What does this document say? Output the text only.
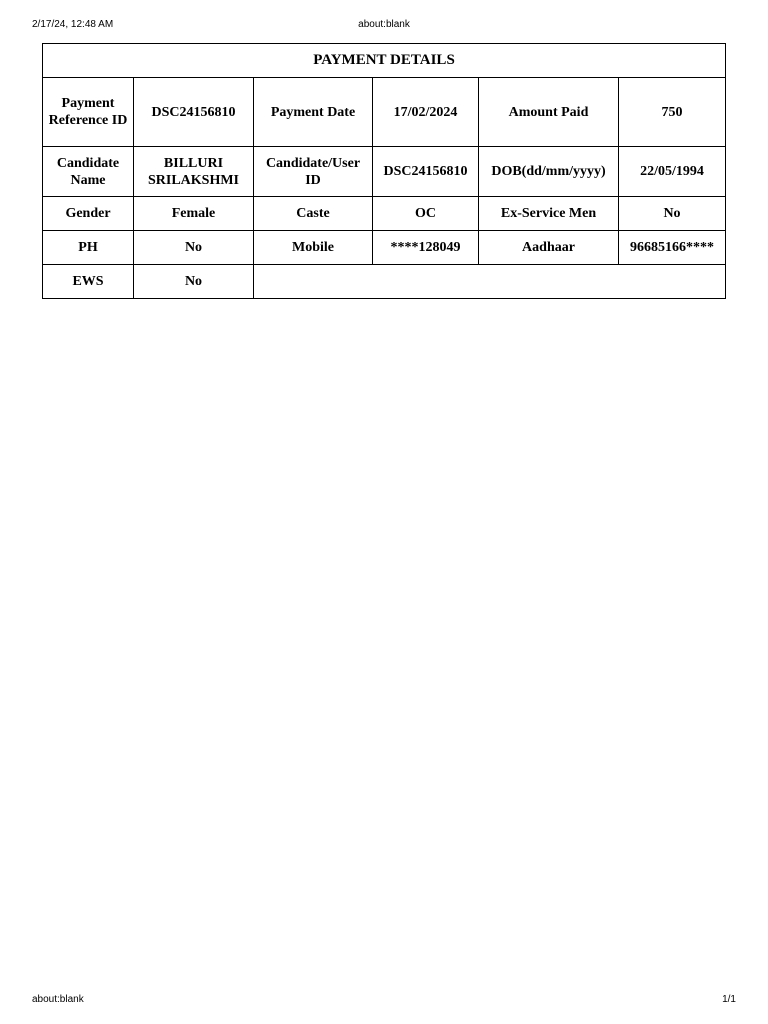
2/17/24, 12:48 AM	about:blank
PAYMENT DETAILS					
Payment Reference ID	DSC24156810	Payment Date	17/02/2024	Amount Paid	750
Candidate Name	BILLURI SRILAKSHMI	Candidate/User ID	DSC24156810	DOB(dd/mm/yyyy)	22/05/1994
Gender	Female	Caste	OC	Ex-Service Men	No
PH	No	Mobile	****128049	Aadhaar	96685166****
EWS	No				
about:blank	1/1
